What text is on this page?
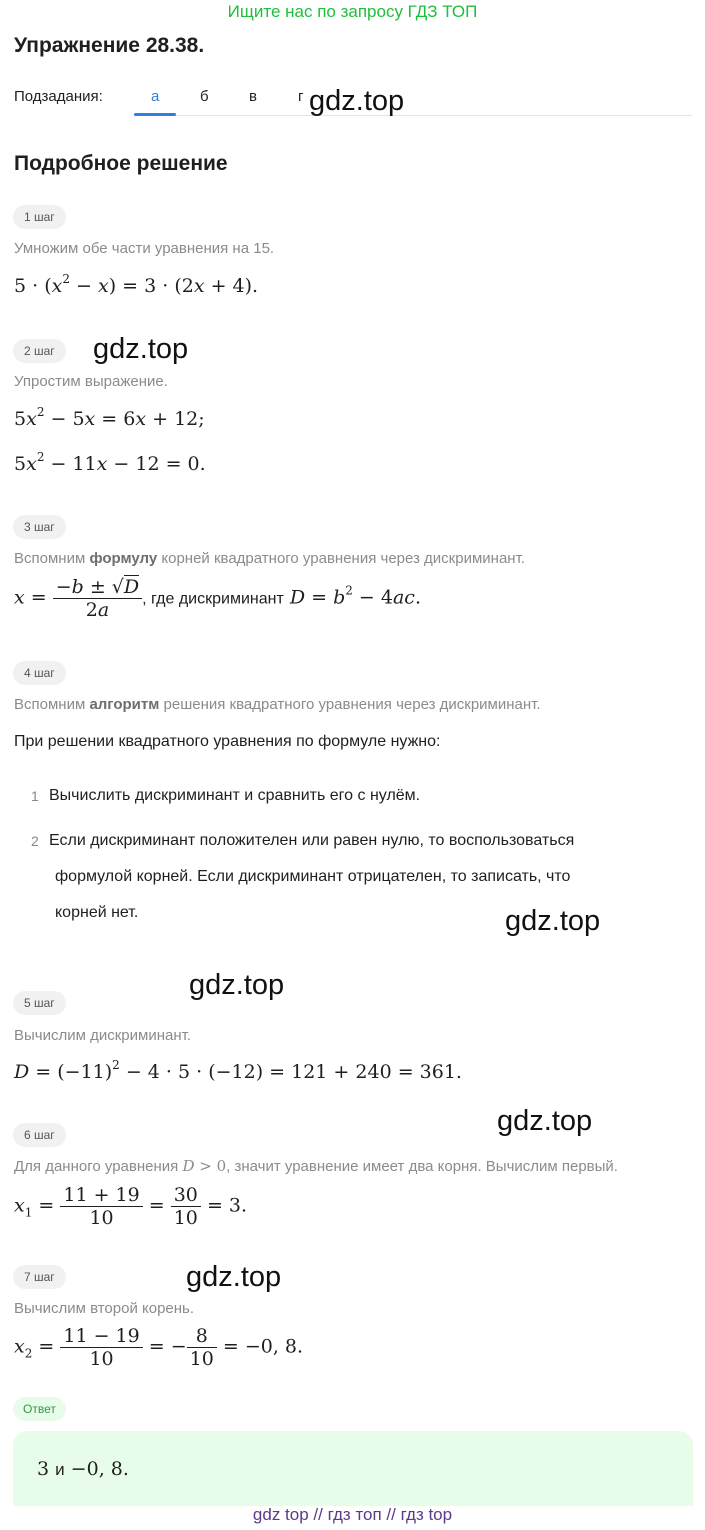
Ищите нас по запросу ГДЗ ТОП
Упражнение 28.38.
Подзадания:	а	б	в	г gdz.top
Подробное решение
1 шаг
Умножим обе части уравнения на 15.
$5 \cdot (x^2 - x) = 3 \cdot (2x + 4)$.
2 шаг	gdz.top
Упростим выражение.
$5x^2 - 5x = 6x + 12$;
$5x^2 - 11x - 12 = 0$.
3 шаг
Вспомним формулу корней квадратного уравнения через дискриминант.
$x = \frac{-b \pm √D}{2a}$ , где дискриминант $D = b^2 - 4ac$.
4 шаг
Вспомним алгоритм решения квадратного уравнения через дискриминант.
При решении квадратного уравнения по формуле нужно:
1 Вычислить дискриминант и сравнить его с нулём.
2 Если дискриминант положителен или равен нулю, то воспользоваться
формулой корней. Если дискриминант отрицателен, то записать, что
корней нет.	gdz.top
gdz.top
5 шаг
Вычислим дискриминант.
$D = (-11)^2 - 4 \cdot 5 \cdot (-12) = 121 + 240 = 361$.
gdz.top
6 шаг
Для данного уравнения D > 0, значит уравнение имеет два корня. Вычислим первый.
$x_1 = \frac{11 + 19}{10} = \frac{30}{10} = 3$.
7 шаг	gdz.top
Вычислим второй корень.
$x_2 = \frac{11 - 19}{10}$ = − $\frac{8}{10} = -0$, 8.
Ответ
3 и −0, 8.
gdz top // гдз топ // гдз top
